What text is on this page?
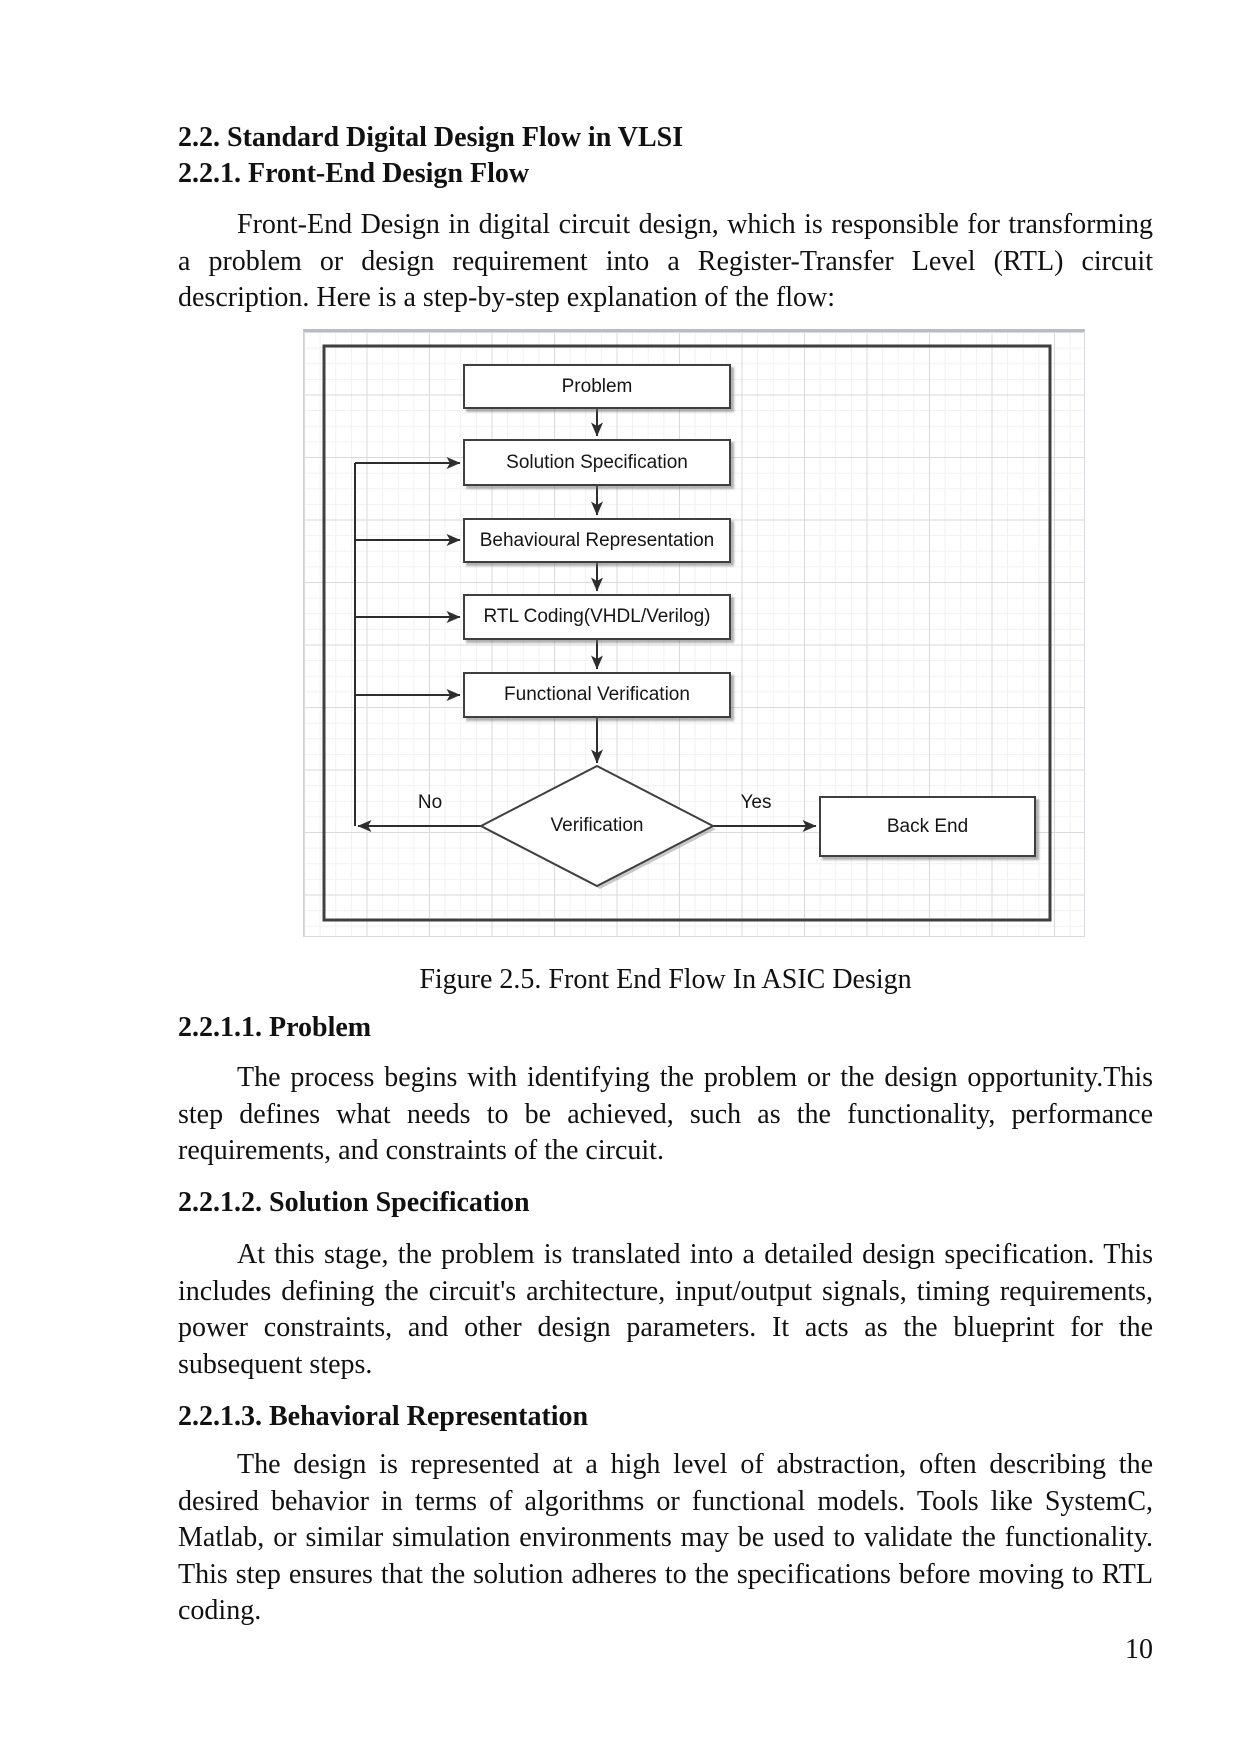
2.2. Standard Digital Design Flow in VLSI
2.2.1. Front-End Design Flow
Front-End Design in digital circuit design, which is responsible for transforming a problem or design requirement into a Register-Transfer Level (RTL) circuit description. Here is a step-by-step explanation of the flow:
Problem
Solution Specification
Behavioural Representation
RTL Coding(VHDL/Verilog)
Functional Verification
Back End
Verification
No	Yes
Figure 2.5. Front End Flow In ASIC Design
2.2.1.1. Problem
The process begins with identifying the problem or the design opportunity.This step defines what needs to be achieved, such as the functionality, performance requirements, and constraints of the circuit.
2.2.1.2. Solution Specification
At this stage, the problem is translated into a detailed design specification. This includes defining the circuit's architecture, input/output signals, timing requirements, power constraints, and other design parameters. It acts as the blueprint for the subsequent steps.
2.2.1.3. Behavioral Representation
The design is represented at a high level of abstraction, often describing the desired behavior in terms of algorithms or functional models. Tools like SystemC, Matlab, or similar simulation environments may be used to validate the functionality. This step ensures that the solution adheres to the specifications before moving to RTL coding.
10
